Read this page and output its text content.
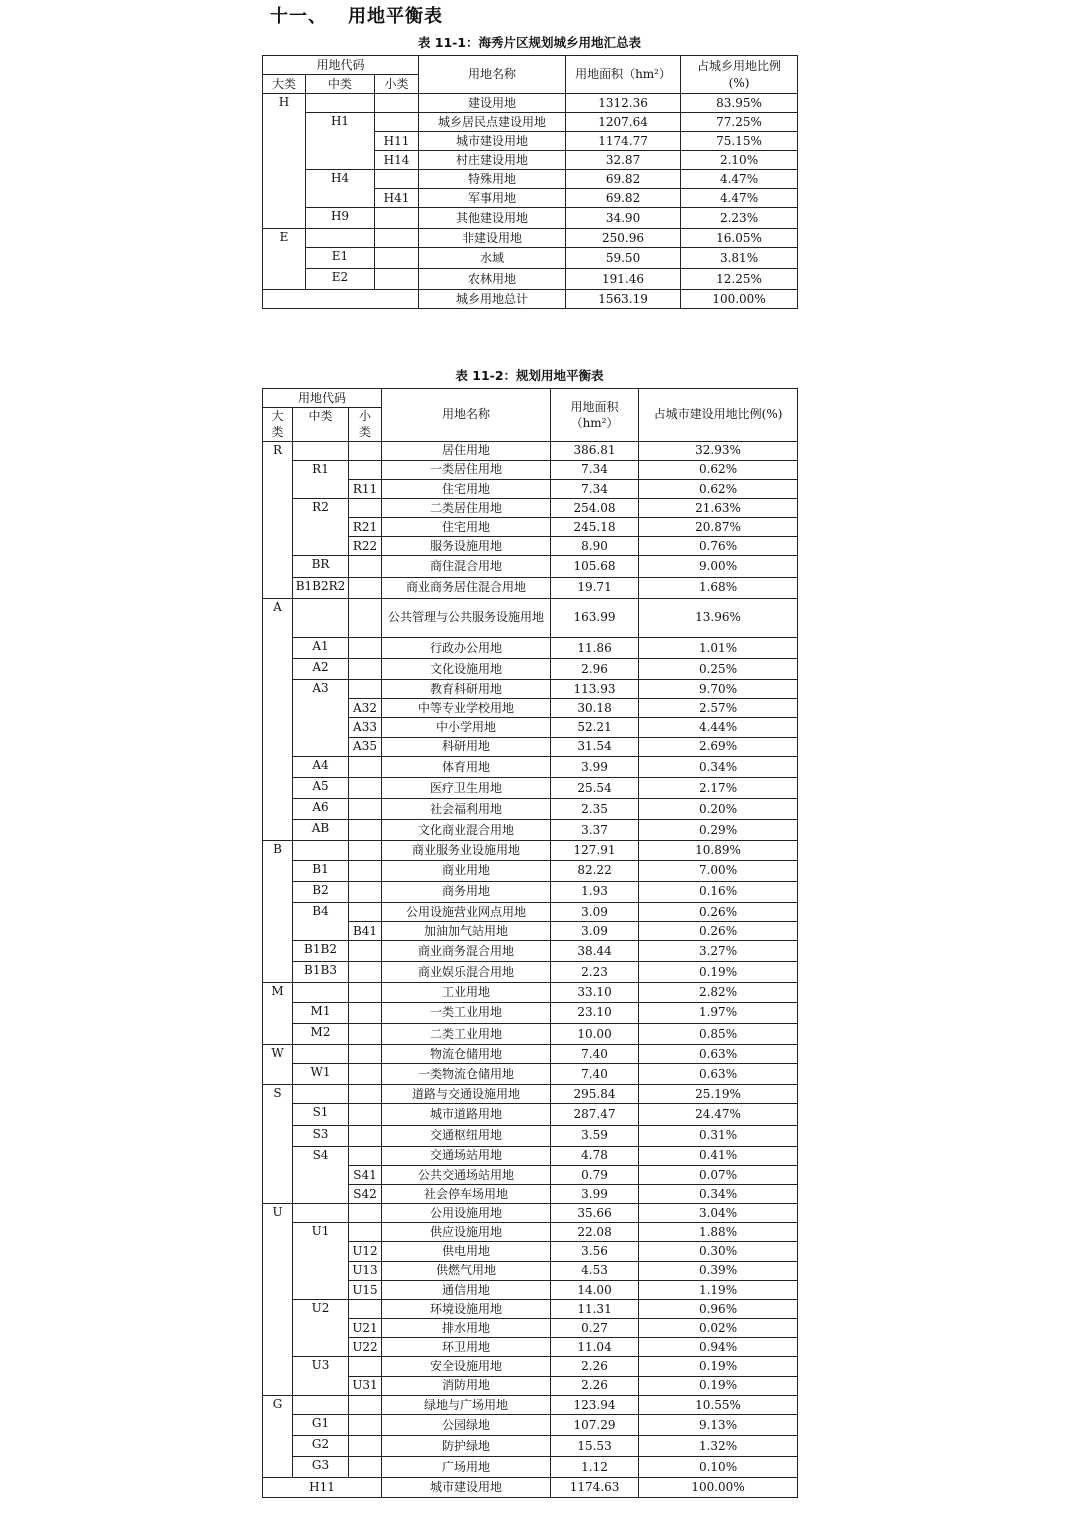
十一、 用地平衡表
表 11-1：海秀片区规划城乡用地汇总表
用地代码			用地名称	用地面积（hm²）	占城乡用地比例
(%)
大类	中类	小类			
H			建设用地	1312.36	83.95%
	H1		城乡居民点建设用地	1207.64	77.25%
		H11	城市建设用地	1174.77	75.15%
		H14	村庄建设用地	32.87	2.10%
	H4		特殊用地	69.82	4.47%
		H41	军事用地	69.82	4.47%
	H9		其他建设用地	34.90	2.23%
E			非建设用地	250.96	16.05%
	E1		水域	59.50	3.81%
	E2		农林用地	191.46	12.25%
			城乡用地总计	1563.19	100.00%
表 11-2：规划用地平衡表
用地代码			用地名称	用地面积
（hm²）	占城市建设用地比例(%)
大
类	中类	小
类			
R			居住用地	386.81	32.93%
	R1		一类居住用地	7.34	0.62%
		R11	住宅用地	7.34	0.62%
	R2		二类居住用地	254.08	21.63%
		R21	住宅用地	245.18	20.87%
		R22	服务设施用地	8.90	0.76%
	BR		商住混合用地	105.68	9.00%
	B1B2R2		商业商务居住混合用地	19.71	1.68%
A			公共管理与公共服务设施用地	163.99	13.96%
	A1		行政办公用地	11.86	1.01%
	A2		文化设施用地	2.96	0.25%
	A3		教育科研用地	113.93	9.70%
		A32	中等专业学校用地	30.18	2.57%
		A33	中小学用地	52.21	4.44%
		A35	科研用地	31.54	2.69%
	A4		体育用地	3.99	0.34%
	A5		医疗卫生用地	25.54	2.17%
	A6		社会福利用地	2.35	0.20%
	AB		文化商业混合用地	3.37	0.29%
B			商业服务业设施用地	127.91	10.89%
	B1		商业用地	82.22	7.00%
	B2		商务用地	1.93	0.16%
	B4		公用设施营业网点用地	3.09	0.26%
		B41	加油加气站用地	3.09	0.26%
	B1B2		商业商务混合用地	38.44	3.27%
	B1B3		商业娱乐混合用地	2.23	0.19%
M			工业用地	33.10	2.82%
	M1		一类工业用地	23.10	1.97%
	M2		二类工业用地	10.00	0.85%
W			物流仓储用地	7.40	0.63%
	W1		一类物流仓储用地	7.40	0.63%
S			道路与交通设施用地	295.84	25.19%
	S1		城市道路用地	287.47	24.47%
	S3		交通枢纽用地	3.59	0.31%
	S4		交通场站用地	4.78	0.41%
		S41	公共交通场站用地	0.79	0.07%
		S42	社会停车场用地	3.99	0.34%
U			公用设施用地	35.66	3.04%
	U1		供应设施用地	22.08	1.88%
		U12	供电用地	3.56	0.30%
		U13	供燃气用地	4.53	0.39%
		U15	通信用地	14.00	1.19%
	U2		环境设施用地	11.31	0.96%
		U21	排水用地	0.27	0.02%
		U22	环卫用地	11.04	0.94%
	U3		安全设施用地	2.26	0.19%
		U31	消防用地	2.26	0.19%
G			绿地与广场用地	123.94	10.55%
	G1		公园绿地	107.29	9.13%
	G2		防护绿地	15.53	1.32%
	G3		广场用地	1.12	0.10%
H11			城市建设用地	1174.63	100.00%
